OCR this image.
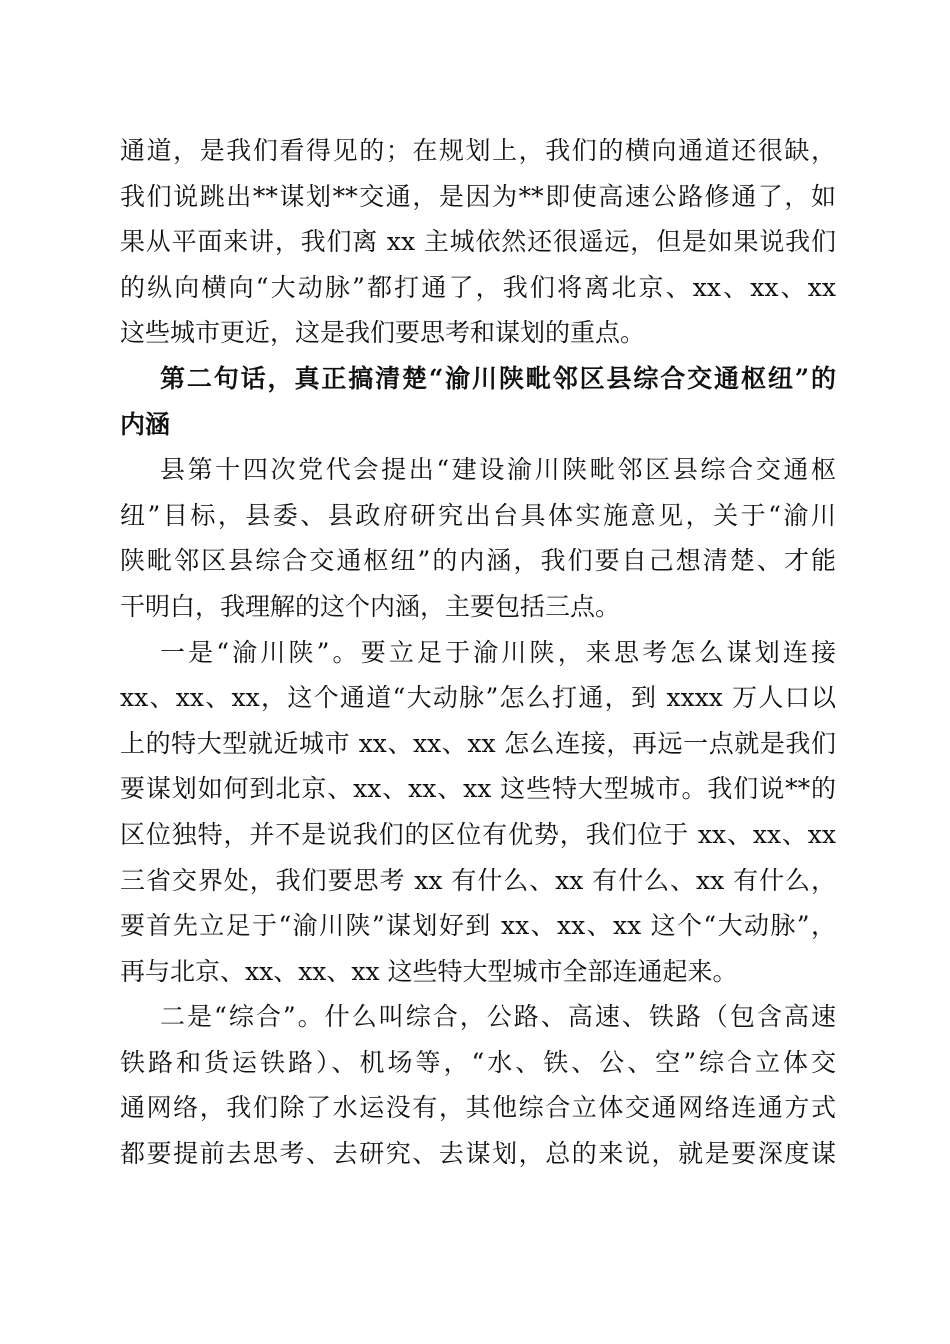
通道，是我们看得见的；在规划上，我们的横向通道还很缺，
我们说跳出**谋划**交通，是因为**即使高速公路修通了，如
果从平面来讲，我们离 xx 主城依然还很遥远，但是如果说我们
的纵向横向“大动脉”都打通了，我们将离北京、xx、xx、xx
这些城市更近，这是我们要思考和谋划的重点。
第二句话，真正搞清楚“渝川陕毗邻区县综合交通枢纽”的
内涵
县第十四次党代会提出“建设渝川陕毗邻区县综合交通枢
纽”目标，县委、县政府研究出台具体实施意见，关于“渝川
陕毗邻区县综合交通枢纽”的内涵，我们要自己想清楚、才能
干明白，我理解的这个内涵，主要包括三点。
一是“渝川陕”。要立足于渝川陕，来思考怎么谋划连接
xx、xx、xx，这个通道“大动脉”怎么打通，到 xxxx 万人口以
上的特大型就近城市 xx、xx、xx 怎么连接，再远一点就是我们
要谋划如何到北京、xx、xx、xx 这些特大型城市。我们说**的
区位独特，并不是说我们的区位有优势，我们位于 xx、xx、xx
三省交界处，我们要思考 xx 有什么、xx 有什么、xx 有什么，
要首先立足于“渝川陕”谋划好到 xx、xx、xx 这个“大动脉”，
再与北京、xx、xx、xx 这些特大型城市全部连通起来。
二是“综合”。什么叫综合，公路、高速、铁路（包含高速
铁路和货运铁路）、机场等，“水、铁、公、空”综合立体交
通网络，我们除了水运没有，其他综合立体交通网络连通方式
都要提前去思考、去研究、去谋划，总的来说，就是要深度谋
